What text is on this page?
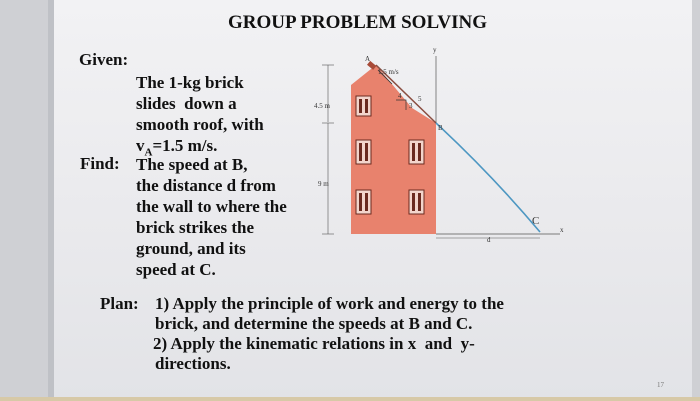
GROUP PROBLEM SOLVING
Given:
The 1-kg brick
slides  down a
smooth roof, with
$v_A=1.5$ m/s.
Find: The speed at B,
the distance d from
the wall to where the
brick strikes the
ground, and its
speed at C.
Plan: 1) Apply the principle of work and energy to the
brick, and determine the speeds at B and C.
2) Apply the kinematic relations in x  and  y-
directions.
17
1.5 m/s
4.5 m
9 m
A
B
3
4 5
y
x
d
C
